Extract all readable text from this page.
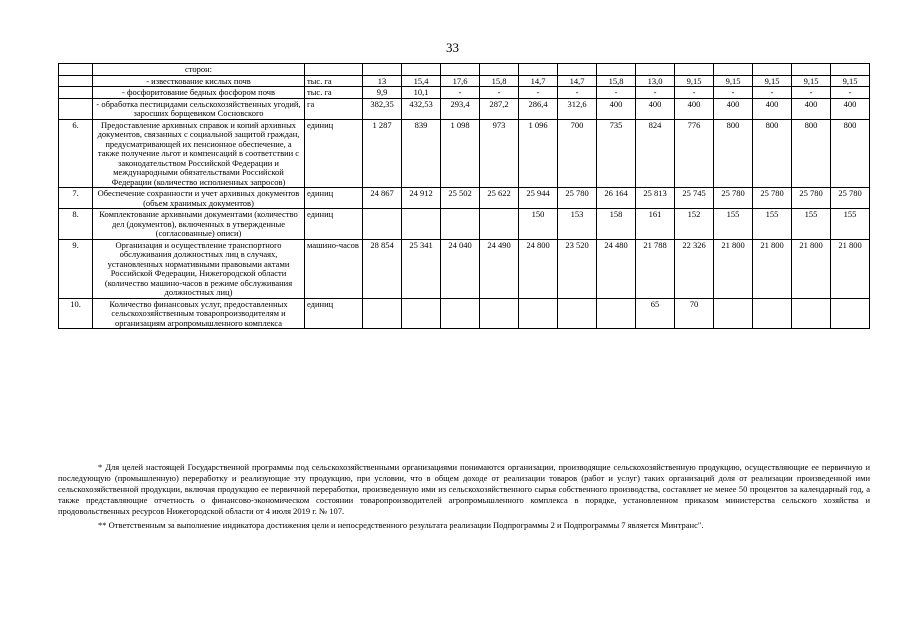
33
	сторон:														
	- известкование кислых почв	тыс. га	13	15,4	17,6	15,8	14,7	14,7	15,8	13,0	9,15	9,15	9,15	9,15	9,15
	- фосфоритование бедных фосфором почв	тыс. га	9,9	10,1	-	-	-	-	-	-	-	-	-	-	-
	- обработка пестицидами сельскохозяйственных угодий, заросших борщевиком Сосновского	га	382,35	432,53	293,4	287,2	286,4	312,6	400	400	400	400	400	400	400
6.	Предоставление архивных справок и копий архивных документов, связанных с социальной защитой граждан, предусматривающей их пенсионное обеспечение, а также получение льгот и компенсаций в соответствии с законодательством Российской Федерации и международными обязательствами Российской Федерации (количество исполненных запросов)	единиц	1 287	839	1 098	973	1 096	700	735	824	776	800	800	800	800
7.	Обеспечение сохранности и учет архивных документов (объем хранимых документов)	единиц	24 867	24 912	25 502	25 622	25 944	25 780	26 164	25 813	25 745	25 780	25 780	25 780	25 780
8.	Комплектование архивными документами (количество дел (документов), включенных в утвержденные (согласованные) описи)	единиц					150	153	158	161	152	155	155	155	155
9.	Организация и осуществление транспортного обслуживания должностных лиц в случаях, установленных нормативными правовыми актами Российской Федерации, Нижегородской области (количество машино-часов в режиме обслуживания должностных лиц)	машино-часов	28 854	25 341	24 040	24 490	24 800	23 520	24 480	21 788	22 326	21 800	21 800	21 800	21 800
10.	Количество финансовых услуг, предоставленных сельскохозяйственным товаропроизводителям и организациям агропромышленного комплекса	единиц								65	70				

* Для целей настоящей Государственной программы под сельскохозяйственными организациями понимаются организации, производящие сельскохозяйственную продукцию, осуществляющие ее первичную и последующую (промышленную) переработку и реализующие эту продукцию, при условии, что в общем доходе от реализации товаров (работ и услуг) таких организаций доля от реализации произведенной ими сельскохозяйственной продукции, включая продукцию ее первичной переработки, произведенную ими из сельскохозяйственного сырья собственного производства, составляет не менее 50 процентов за календарный год, а также представляющие отчетность о финансово-экономическом состоянии товаропроизводителей агропромышленного комплекса в порядке, установленном приказом министерства сельского хозяйства и продовольственных ресурсов Нижегородской области от 4 июля 2019 г. № 107.

** Ответственным за выполнение индикатора достижения цели и непосредственного результата реализации Подпрограммы 2 и Подпрограммы 7 является Минтранс".
